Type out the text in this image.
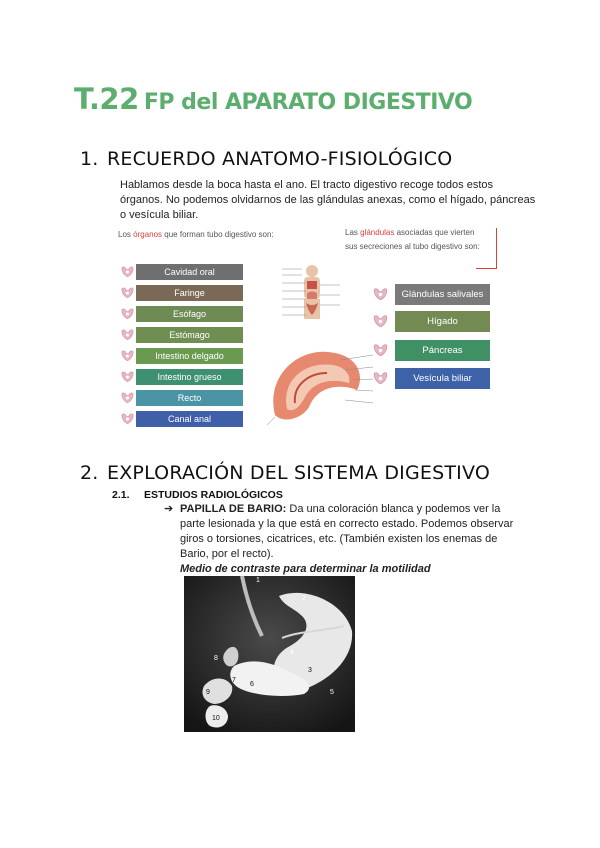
T.22 FP del APARATO DIGESTIVO
1. RECUERDO ANATOMO-FISIOLÓGICO
Hablamos desde la boca hasta el ano. El tracto digestivo recoge todos estos
órganos. No podemos olvidarnos de las glándulas anexas, como el hígado, páncreas
o vesícula biliar.
Los órganos que forman tubo digestivo son:	Las glándulas asociadas que vierten
sus secreciones al tubo digestivo son:
Cavidad oral
Faringe
Esófago
Estómago
Intestino delgado
Intestino grueso
Recto
Canal anal
Glándulas salivales
Hígado
Páncreas
Vesícula biliar
2. EXPLORACIÓN DEL SISTEMA DIGESTIVO
2.1. ESTUDIOS RADIOLÓGICOS
➔ PAPILLA DE BARIO: Da una coloración blanca y podemos ver la
parte lesionada y la que está en correcto estado. Podemos observar
giros o torsiones, cicatrices, etc. (También existen los enemas de
Bario, por el recto).
Medio de contraste para determinar la motilidad
1
2
3
4
5
6
7
8
9
10
